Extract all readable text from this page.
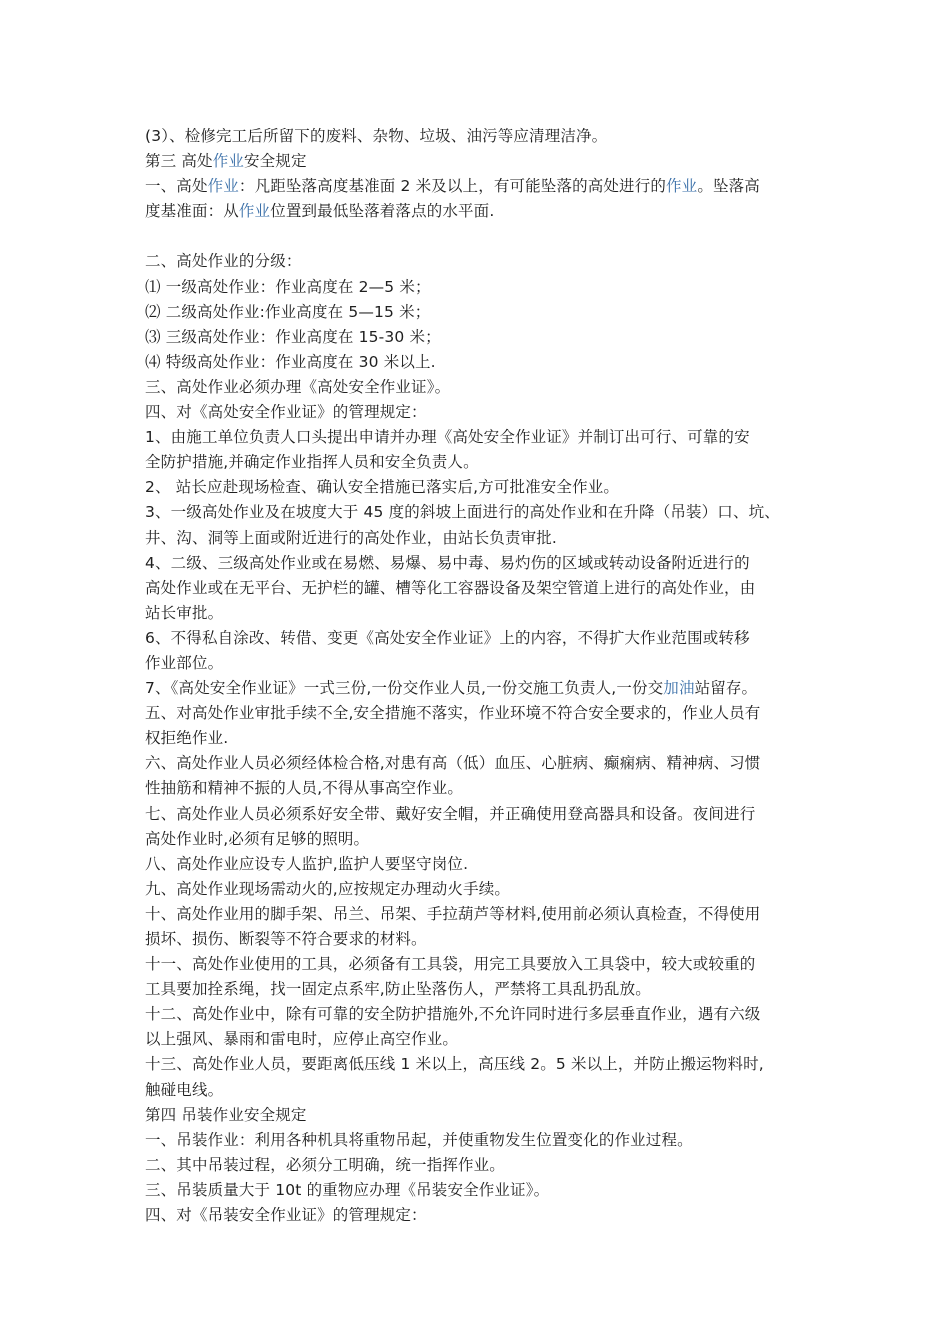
(3）、检修完工后所留下的废料、杂物、垃圾、油污等应清理洁净。
第三 高处作业安全规定
一、高处作业：凡距坠落高度基准面 2 米及以上，有可能坠落的高处进行的作业。坠落高
度基准面：从作业位置到最低坠落着落点的水平面.
二、高处作业的分级：
⑴ 一级高处作业：作业高度在 2—5 米；
⑵ 二级高处作业:作业高度在 5—15 米；
⑶ 三级高处作业：作业高度在 15-30 米；
⑷ 特级高处作业：作业高度在 30 米以上.
三、高处作业必须办理《高处安全作业证》。
四、对《高处安全作业证》的管理规定：
1、由施工单位负责人口头提出申请并办理《高处安全作业证》并制订出可行、可靠的安
全防护措施,并确定作业指挥人员和安全负责人。
2、 站长应赴现场检查、确认安全措施已落实后,方可批准安全作业。
3、一级高处作业及在坡度大于 45 度的斜坡上面进行的高处作业和在升降（吊装）口、坑、
井、沟、洞等上面或附近进行的高处作业，由站长负责审批.
4、二级、三级高处作业或在易燃、易爆、易中毒、易灼伤的区域或转动设备附近进行的
高处作业或在无平台、无护栏的罐、槽等化工容器设备及架空管道上进行的高处作业，由
站长审批。
6、不得私自涂改、转借、变更《高处安全作业证》上的内容，不得扩大作业范围或转移
作业部位。
7、《高处安全作业证》一式三份,一份交作业人员,一份交施工负责人,一份交加油站留存。
五、对高处作业审批手续不全,安全措施不落实，作业环境不符合安全要求的，作业人员有
权拒绝作业.
六、高处作业人员必须经体检合格,对患有高（低）血压、心脏病、癫痫病、精神病、习惯
性抽筋和精神不振的人员,不得从事高空作业。
七、高处作业人员必须系好安全带、戴好安全帽，并正确使用登高器具和设备。夜间进行
高处作业时,必须有足够的照明。
八、高处作业应设专人监护,监护人要坚守岗位.
九、高处作业现场需动火的,应按规定办理动火手续。
十、高处作业用的脚手架、吊兰、吊架、手拉葫芦等材料,使用前必须认真检查，不得使用
损坏、损伤、断裂等不符合要求的材料。
十一、高处作业使用的工具，必须备有工具袋，用完工具要放入工具袋中，较大或较重的
工具要加拴系绳，找一固定点系牢,防止坠落伤人，严禁将工具乱扔乱放。
十二、高处作业中，除有可靠的安全防护措施外,不允许同时进行多层垂直作业，遇有六级
以上强风、暴雨和雷电时，应停止高空作业。
十三、高处作业人员，要距离低压线 1 米以上，高压线 2。5 米以上，并防止搬运物料时,
触碰电线。
第四 吊装作业安全规定
一、吊装作业：利用各种机具将重物吊起，并使重物发生位置变化的作业过程。
二、其中吊装过程，必须分工明确，统一指挥作业。
三、吊装质量大于 10t 的重物应办理《吊装安全作业证》。
四、对《吊装安全作业证》的管理规定：
